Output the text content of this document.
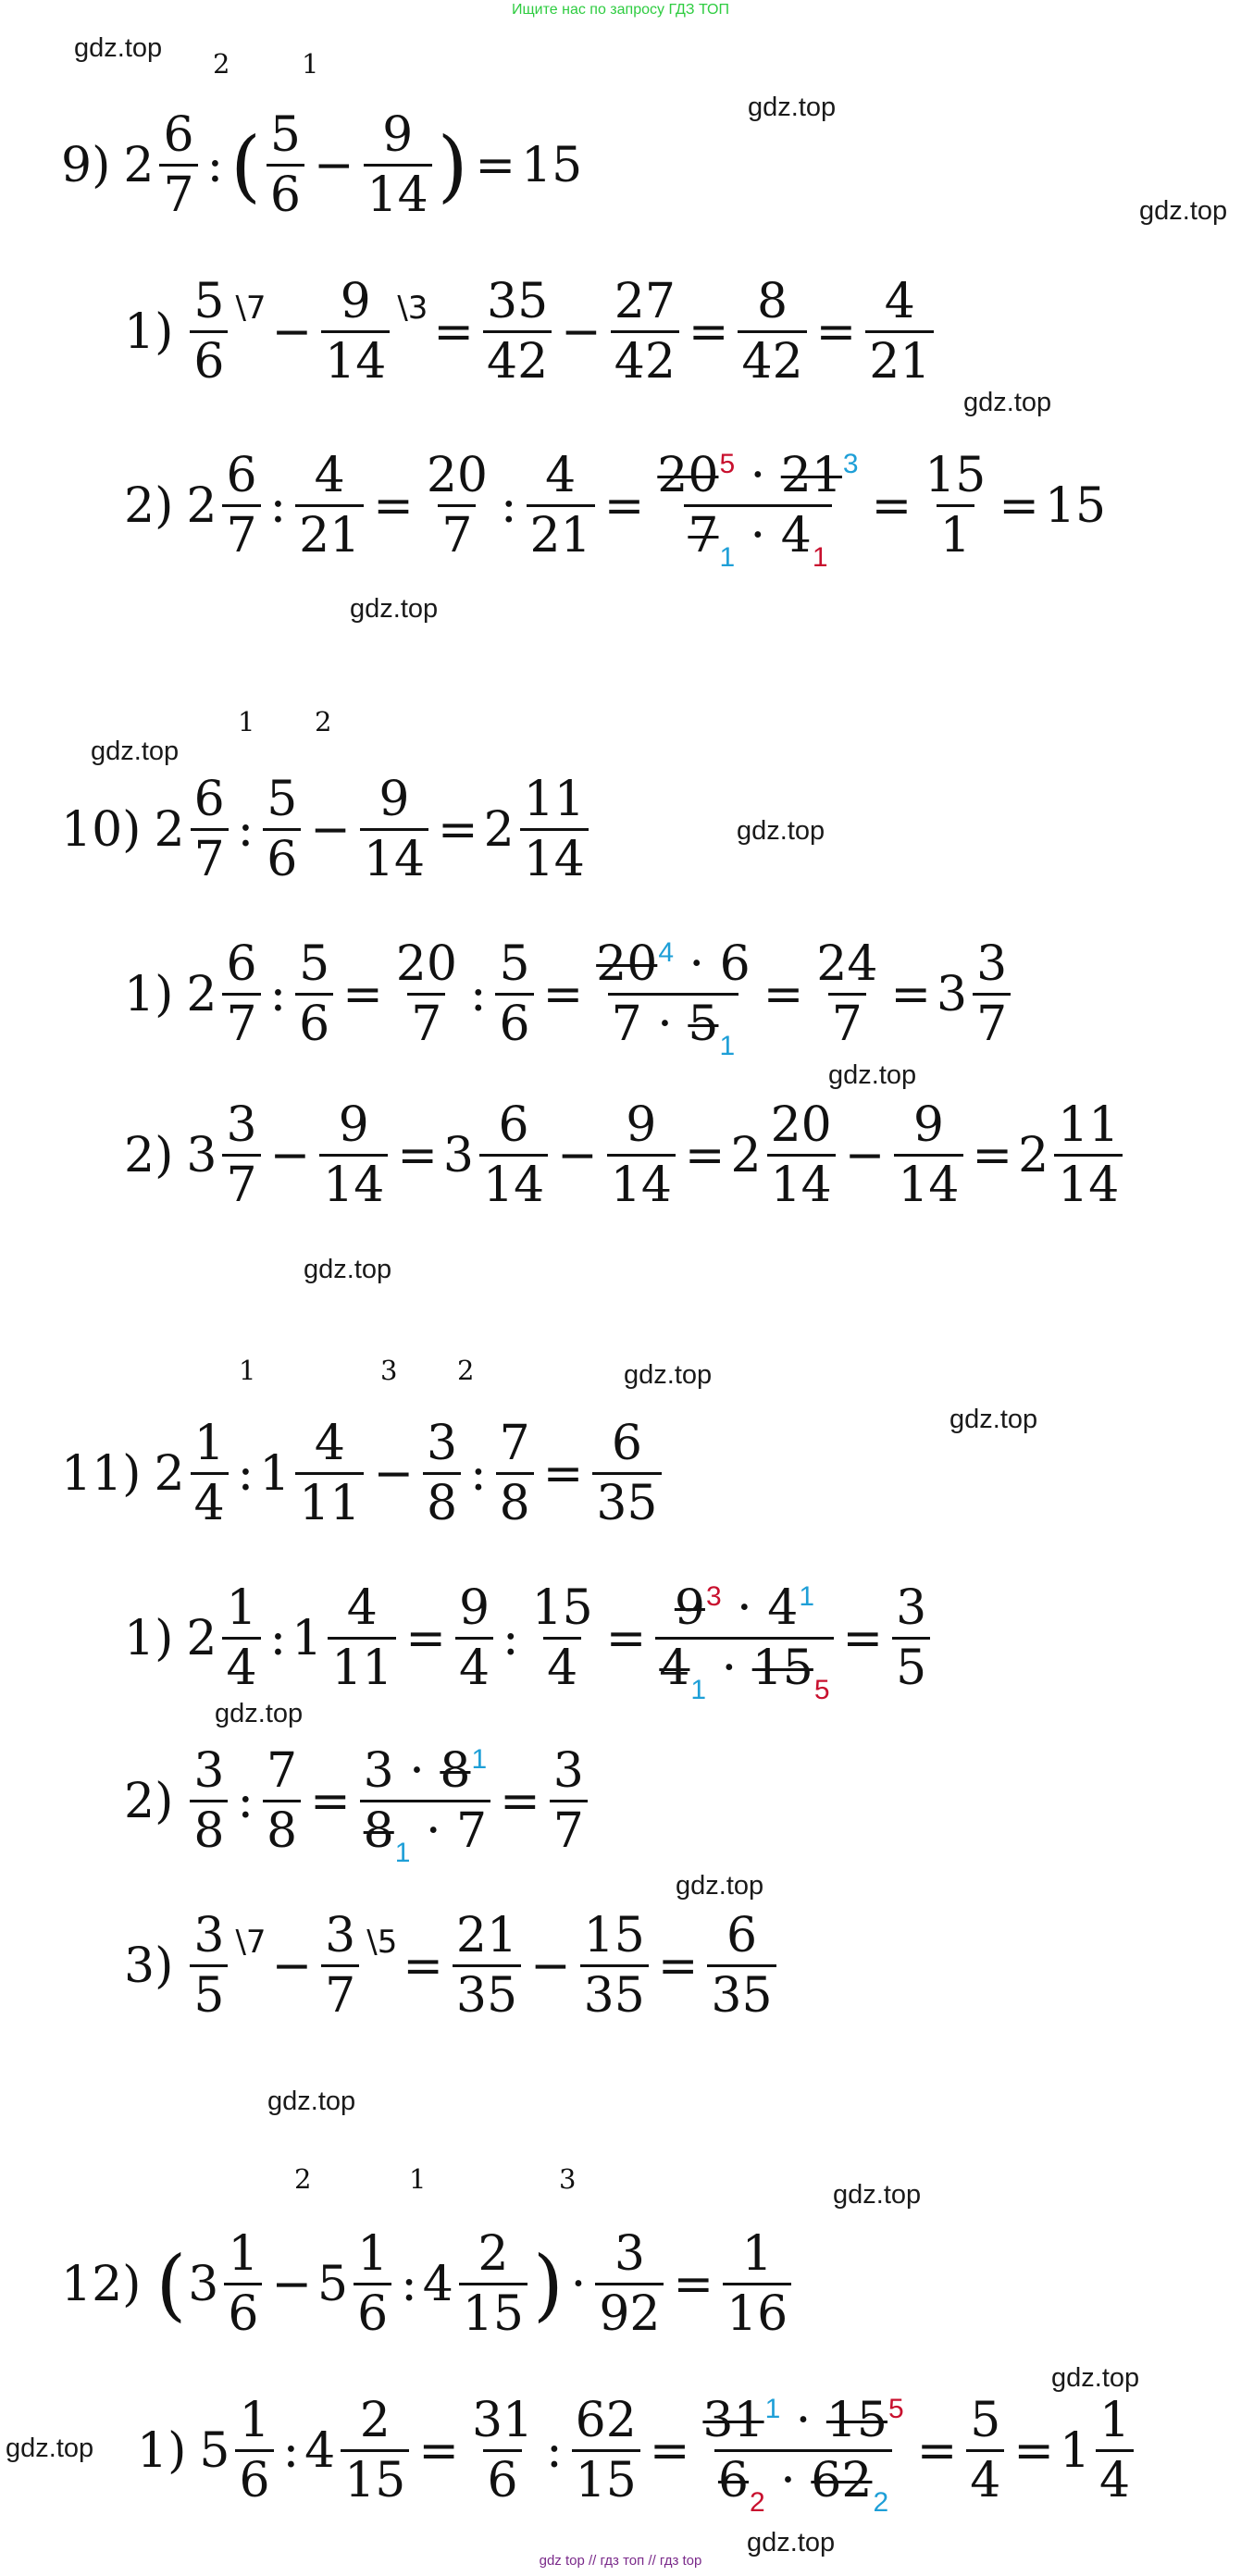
Ищите нас по запросу ГДЗ ТОП
gdz.top
gdz.top
gdz.top
gdz.top
gdz.top
gdz.top
gdz.top
gdz.top
gdz.top
gdz.top
gdz.top
gdz.top
gdz.top
gdz.top
gdz.top
gdz.top
gdz.top
gdz.top
2	1
9) $2 \frac{6}{7}$ : ( $\frac{5}{6} - \frac{9}{14}$ ) = 15
$1) \frac{5}{6}$ \7 − $\frac{9}{14}$ \3 = $\frac{35}{42} - \frac{27}{42} = \frac{8}{42} = \frac{4}{21}$
2) $2 \frac{6}{7}$ : $\frac{4}{21} = \frac{20}{7}$ : $\frac{4}{21} = \frac{20^5 \cdot 21^3}{7_1 \cdot 4_1} = \frac{15}{1} = 15$
1 2
10) $2 \frac{6}{7}$ : $\frac{5}{6} - \frac{9}{14} = 2 \frac{11}{14}$
1) $2 \frac{6}{7}$ : $\frac{5}{6} = \frac{20}{7}$ : $\frac{5}{6} = \frac{20^4 \cdot 6}{7 \cdot 5_1} = \frac{24}{7} = 3 \frac{3}{7}$
2) $3 \frac{3}{7} - \frac{9}{14} = 3 \frac{6}{14} - \frac{9}{14} = 2 \frac{20}{14} - \frac{9}{14} = 2 \frac{11}{14}$
1	3 2
11) $2 \frac{1}{4}$ : $1 \frac{4}{11} - \frac{3}{8}$ : $\frac{7}{8} = \frac{6}{35}$
1) $2 \frac{1}{4}$ : $1 \frac{4}{11} = \frac{9}{4}$ : $\frac{15}{4} = \frac{9^3 \cdot 4^1}{4_1 \cdot 15_5} = \frac{3}{5}$
$2) \frac{3}{8}$ : $\frac{7}{8} = \frac{3 \cdot 8^1}{8_1 \cdot 7} = \frac{3}{7}$
$3) \frac{3}{5}$ \7 − $\frac{3}{7}$ \5 = $\frac{21}{35} - \frac{15}{35} = \frac{6}{35}$
2	1	3
12) ( $3 \frac{1}{6} - 5 \frac{1}{6}$ : $4 \frac{2}{15}$ ) · $\frac{3}{92} = \frac{1}{16}$
1) $5 \frac{1}{6}$ : $4 \frac{2}{15} = \frac{31}{6}$ : $\frac{62}{15} = \frac{31^1 \cdot 15^5}{6_2 \cdot 62_2} = \frac{5}{4} = 1 \frac{1}{4}$
gdz top // гдз топ // гдз top
